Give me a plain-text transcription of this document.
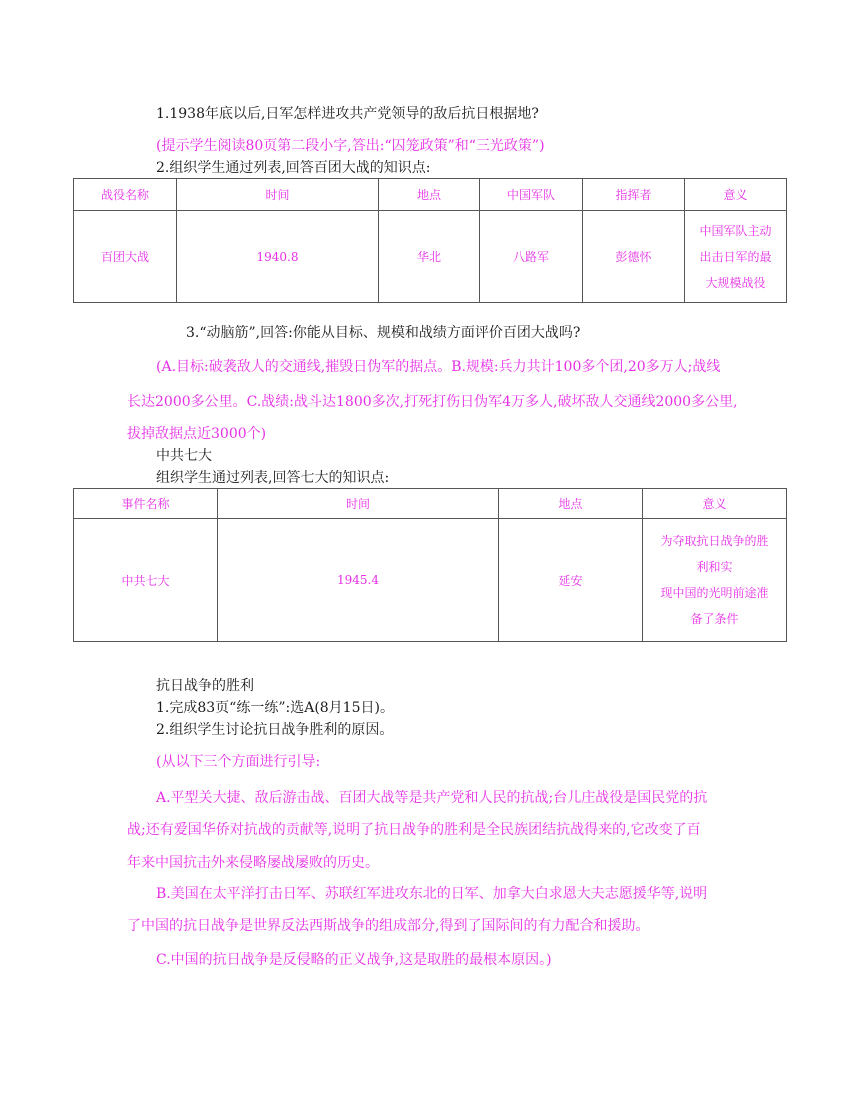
1.1938年底以后,日军怎样进攻共产党领导的敌后抗日根据地?
(提示学生阅读80页第二段小字,答出:“囚笼政策”和“三光政策”)
2.组织学生通过列表,回答百团大战的知识点:
战役名称	时间	地点	中国军队	指挥者	意义
百团大战	1940.8	华北	八路军	彭德怀	中国军队主动
出击日军的最
大规模战役
3.“动脑筋”,回答:你能从目标、规模和战绩方面评价百团大战吗?
(A.目标:破袭敌人的交通线,摧毁日伪军的据点。B.规模:兵力共计100多个团,20多万人;战线
长达2000多公里。C.战绩:战斗达1800多次,打死打伤日伪军4万多人,破坏敌人交通线2000多公里,
拔掉敌据点近3000个)
中共七大
组织学生通过列表,回答七大的知识点:
事件名称	时间	地点	意义
中共七大	1945.4	延安	为夺取抗日战争的胜
利和实
现中国的光明前途准
备了条件
抗日战争的胜利
1.完成83页“练一练”:选A(8月15日)。
2.组织学生讨论抗日战争胜利的原因。
(从以下三个方面进行引导:
A.平型关大捷、敌后游击战、百团大战等是共产党和人民的抗战;台儿庄战役是国民党的抗
战;还有爱国华侨对抗战的贡献等,说明了抗日战争的胜利是全民族团结抗战得来的,它改变了百
年来中国抗击外来侵略屡战屡败的历史。
B.美国在太平洋打击日军、苏联红军进攻东北的日军、加拿大白求恩大夫志愿援华等,说明
了中国的抗日战争是世界反法西斯战争的组成部分,得到了国际间的有力配合和援助。
C.中国的抗日战争是反侵略的正义战争,这是取胜的最根本原因。)
